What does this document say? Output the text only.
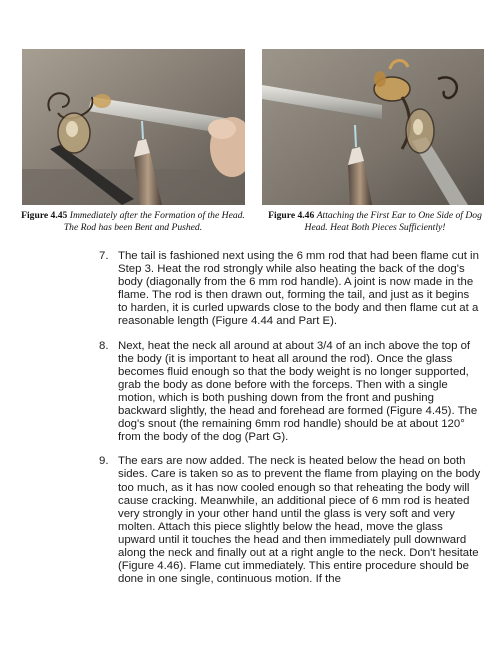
Figure 4.45 Immediately after the Formation of the Head. The Rod has been Bent and Pushed.
Figure 4.46 Attaching the First Ear to One Side of Dog Head. Heat Both Pieces Sufficiently!

7. The tail is fashioned next using the 6 mm rod that had been flame cut in Step 3. Heat the rod strongly while also heating the back of the dog's body (diagonally from the 6 mm rod handle). A joint is now made in the flame. The rod is then drawn out, forming the tail, and just as it begins to harden, it is curled upwards close to the body and then flame cut at a reasonable length (Figure 4.44 and Part E).

8. Next, heat the neck all around at about 3/4 of an inch above the top of the body (it is important to heat all around the rod). Once the glass becomes fluid enough so that the body weight is no longer supported, grab the body as done before with the forceps. Then with a single motion, which is both pushing down from the front and pushing backward slightly, the head and forehead are formed (Figure 4.45). The dog's snout (the remaining 6mm rod handle) should be at about 120° from the body of the dog (Part G).

9. The ears are now added. The neck is heated below the head on both sides. Care is taken so as to prevent the flame from playing on the body too much, as it has now cooled enough so that reheating the body will cause cracking. Meanwhile, an additional piece of 6 mm rod is heated very strongly in your other hand until the glass is very soft and very molten. Attach this piece slightly below the head, move the glass upward until it touches the head and then immediately pull downward along the neck and finally out at a right angle to the neck. Don't hesitate (Figure 4.46). Flame cut immediately. This entire procedure should be done in one single, continuous motion. If the
